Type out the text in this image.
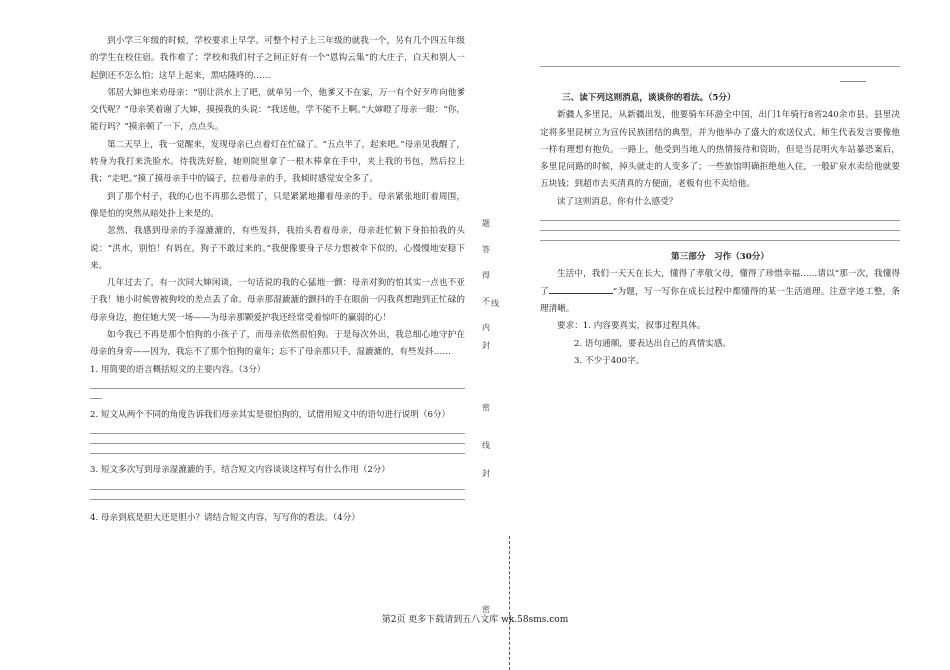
到小学三年级的时候，学校要求上早学。可整个村子上三年级的就我一个，另有几个四五年级的学生在校住宿。我作难了：学校和我们村子之间正好有一个“恩钩云集”的大庄子，白天和别人一起倒还不怎么怕；这早上起来，黑咕隆咚的……

邻居大婶也来劝母亲：“别让洪水上了吧，就单另一个，他爹又不在家，万一有个好歹咋向他爹交代呢？”母亲笑着谢了大婶，摸摸我的头说：“我送他，学不能不上啊。”大婶瞪了母亲一眼：“你，能行吗？”摸亲顿了一下，点点头。

第二天早上，我一觉醒来，发现母亲已点着灯在忙碌了。“五点半了，起来吧。”母亲见我醒了，转身为我打来洗脸水。待我洗好脸，她则院里拿了一根木棒拿在手中，夹上我的书包，然后拉上我；“走吧。”摸了摸母亲手中的镐子，拉着母亲的手，我倾时感觉安全多了。

到了那个村子，我的心也不再那么恐慌了，只是紧紧地攥着母亲的手。母亲紧张地盯着周围，像是怕的突然从暗处扑上来是的。

忽然，我感到母亲的手湿漉漉的，有些发抖，我抬头看着母亲，母亲赶忙俯下身拍拍我的头说：“洪水，别怕！有妈在，狗子不敢过来的。”我便像要身子尽力想被伞下似的，心慢慢地安稳下来。

几年过去了，有一次同大婶闲谈，一句话说的我的心猛地一颤：母亲对狗的怕其实一点也不亚于我！她小时候曾被狗咬的差点丢了命。母亲那湿漉漉的颤抖的手在眼前一闪我真想跑到正忙碌的母亲身边，抱住她大哭一场——为母亲那颗爱护我还经常受着惊吓的赢弱的心！

如今我已不再是那个怕狗的小孩子了，而母亲依然很怕狗。于是每次外出，我总细心地守护在母亲的身旁——因为，我忘不了那个怕狗的童年；忘不了母亲那只手，湿漉漉的，有些发抖……

1. 用简要的语言概括短文的主要内容。（3分）

2. 短文从两个不同的角度告诉我们母亲其实是很怕狗的，试借用短文中的语句进行说明（6分）

3. 短文多次写到母亲湿漉漉的手，结合短文内容谈谈这样写有什么作用（2分）

4. 母亲到底是胆大还是胆小？请结合短文内容，写写你的看法。（4分）

三、读下列这则消息，谈谈你的看法。（5分）

新疆人多里昆，从新疆出发，他要骑车环游全中国，出门1年骑行8省240余市县。县里决定将多里昆树立为宣传民族团结的典型，并为他举办了盛大的欢送仪式。师生代表发言要像他一样有理想有抱负。一路上，他受到当地人的热情接待和资助，但是当昆明火车站暴恐案后，多里昆问路的时候，掉头就走的人变多了；一些旅馆明确拒绝他入住，一般矿泉水卖给他就要五块钱；到超市去买清真的方便面，老板有也不卖给他。

读了这则消息，你有什么感受？

第三部分　习作（30分）

生活中，我们一天天在长大，懂得了孝敬父母，懂得了珍惜幸福……请以“那一次，我懂得了	”为题，写一写你在成长过程中都懂得的某一生活道理。注意字迹工整，条理清晰。

要求：1. 内容要真实，叙事过程具体。

2. 语句通顺，要表达出自己的真情实感。

3. 不少于400字。

题
答
得
不
内
线
封
密
线
封
密
第2页 更多下载请到五八文库 wk.58sms.com
